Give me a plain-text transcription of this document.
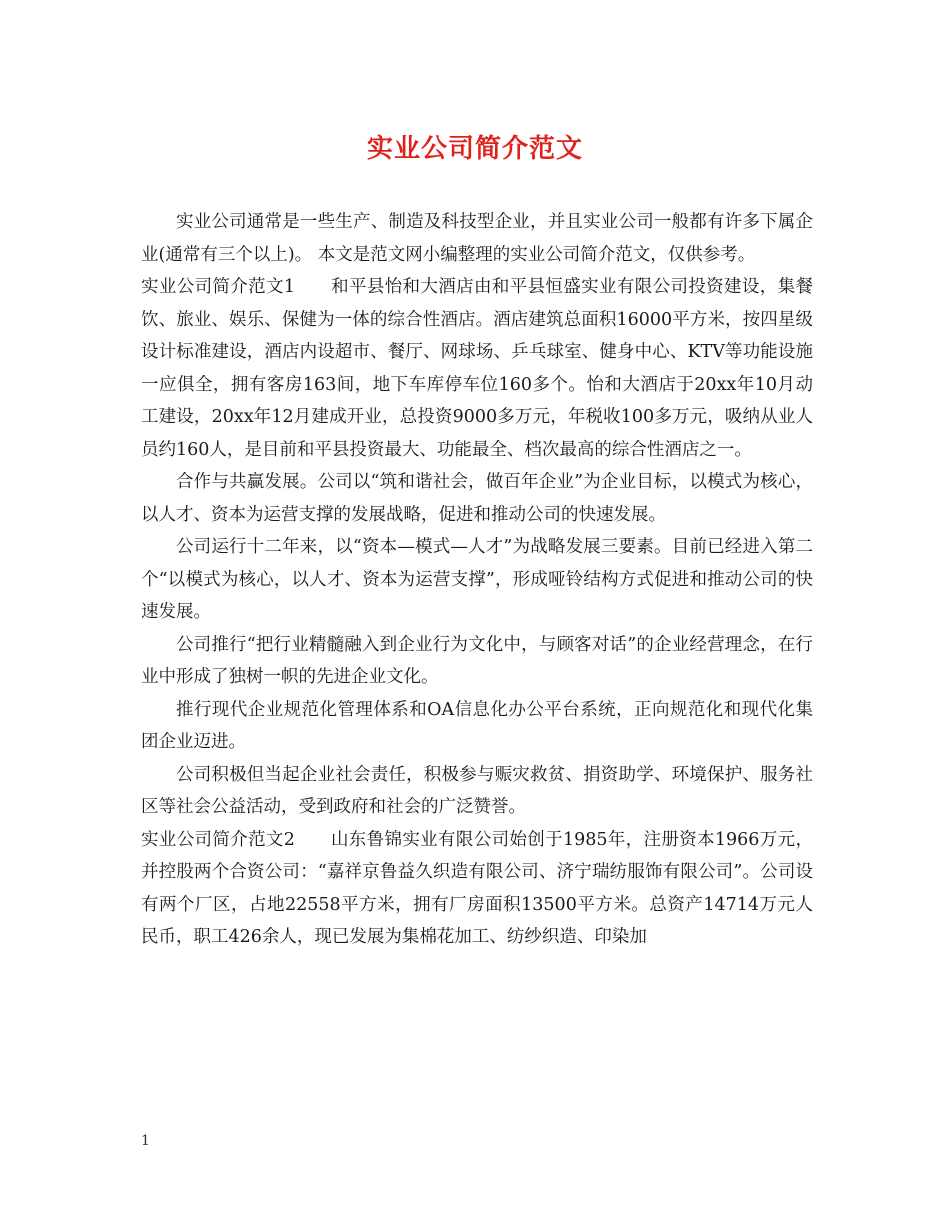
实业公司简介范文

实业公司通常是一些生产、制造及科技型企业，并且实业公司一般都有许多下属企业(通常有三个以上)。 本文是范文网小编整理的实业公司简介范文，仅供参考。

实业公司简介范文1　　和平县怡和大酒店由和平县恒盛实业有限公司投资建设，集餐饮、旅业、娱乐、保健为一体的综合性酒店。酒店建筑总面积16000平方米，按四星级设计标准建设，酒店内设超市、餐厅、网球场、乒乓球室、健身中心、KTV等功能设施一应俱全，拥有客房163间，地下车库停车位160多个。怡和大酒店于20xx年10月动工建设，20xx年12月建成开业，总投资9000多万元，年税收100多万元，吸纳从业人员约160人，是目前和平县投资最大、功能最全、档次最高的综合性酒店之一。

合作与共赢发展。公司以“筑和谐社会，做百年企业”为企业目标，以模式为核心，以人才、资本为运营支撑的发展战略，促进和推动公司的快速发展。

公司运行十二年来，以“资本—模式—人才”为战略发展三要素。目前已经进入第二个“以模式为核心，以人才、资本为运营支撑”，形成哑铃结构方式促进和推动公司的快速发展。

公司推行“把行业精髓融入到企业行为文化中，与顾客对话”的企业经营理念，在行业中形成了独树一帜的先进企业文化。

推行现代企业规范化管理体系和OA信息化办公平台系统，正向规范化和现代化集团企业迈进。

公司积极但当起企业社会责任，积极参与赈灾救贫、捐资助学、环境保护、服务社区等社会公益活动，受到政府和社会的广泛赞誉。

实业公司简介范文2　　山东鲁锦实业有限公司始创于1985年，注册资本1966万元，并控股两个合资公司：“嘉祥京鲁益久织造有限公司、济宁瑞纺服饰有限公司”。公司设有两个厂区，占地22558平方米，拥有厂房面积13500平方米。总资产14714万元人民币，职工426余人，现已发展为集棉花加工、纺纱织造、印染加

1
